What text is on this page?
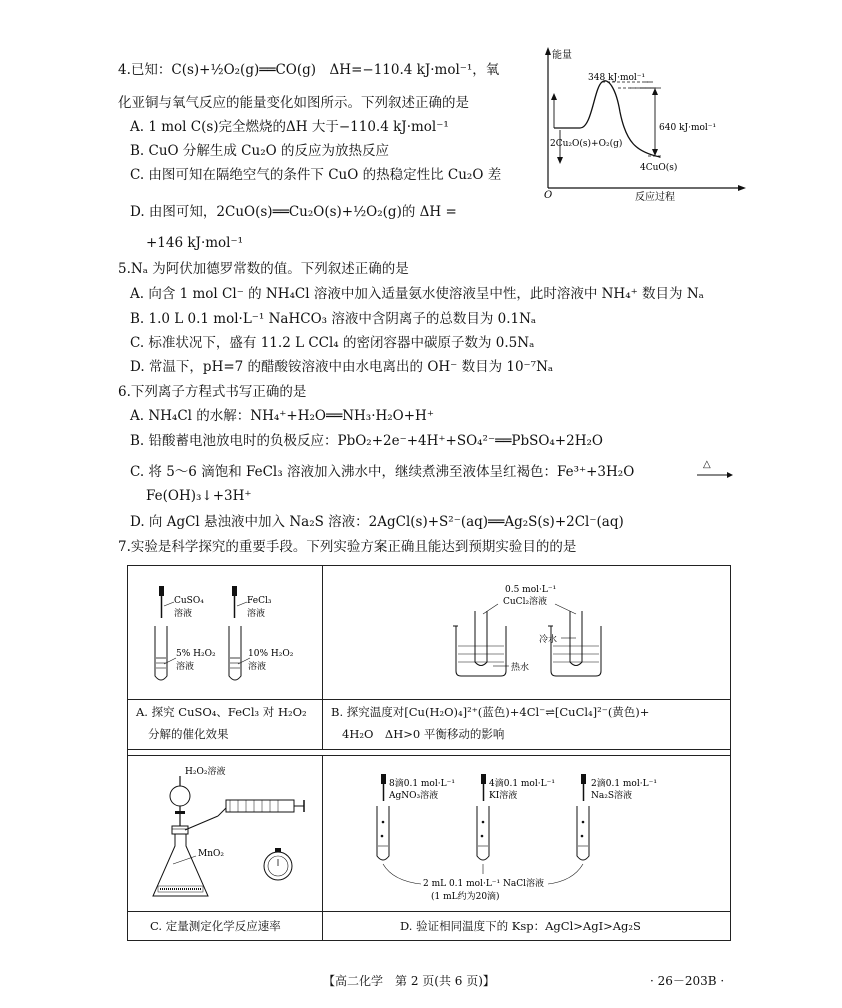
4.已知：C(s)+½O₂(g)══CO(g)　ΔH=−110.4 kJ·mol⁻¹，氧
化亚铜与氧气反应的能量变化如图所示。下列叙述正确的是
A. 1 mol C(s)完全燃烧的ΔH 大于−110.4 kJ·mol⁻¹
B. CuO 分解生成 Cu₂O 的反应为放热反应
C. 由图可知在隔绝空气的条件下 CuO 的热稳定性比 Cu₂O 差
D. 由图可知，2CuO(s)══Cu₂O(s)+½O₂(g)的 ΔH =
+146 kJ·mol⁻¹
能量
O	反应过程
348 kJ·mol⁻¹
640 kJ·mol⁻¹
2Cu₂O(s)+O₂(g)
4CuO(s)
5.Nₐ 为阿伏加德罗常数的值。下列叙述正确的是
A. 向含 1 mol Cl⁻ 的 NH₄Cl 溶液中加入适量氨水使溶液呈中性，此时溶液中 NH₄⁺ 数目为 Nₐ
B. 1.0 L 0.1 mol·L⁻¹ NaHCO₃ 溶液中含阴离子的总数目为 0.1Nₐ
C. 标准状况下，盛有 11.2 L CCl₄ 的密闭容器中碳原子数为 0.5Nₐ
D. 常温下，pH=7 的醋酸铵溶液中由水电离出的 OH⁻ 数目为 10⁻⁷Nₐ
6.下列离子方程式书写正确的是
A. NH₄Cl 的水解：NH₄⁺+H₂O══NH₃·H₂O+H⁺
B. 铅酸蓄电池放电时的负极反应：PbO₂+2e⁻+4H⁺+SO₄²⁻══PbSO₄+2H₂O
C. 将 5～6 滴饱和 FeCl₃ 溶液加入沸水中，继续煮沸至液体呈红褐色：Fe³⁺+3H₂O	△
Fe(OH)₃↓+3H⁺
D. 向 AgCl 悬浊液中加入 Na₂S 溶液：2AgCl(s)+S²⁻(aq)══Ag₂S(s)+2Cl⁻(aq)
7.实验是科学探究的重要手段。下列实验方案正确且能达到预期实验目的的是
CuSO₄
溶液
FeCl₃
溶液
5% H₂O₂
溶液
10% H₂O₂
溶液
A. 探究 CuSO₄、FeCl₃ 对 H₂O₂
分解的催化效果
0.5 mol·L⁻¹
CuCl₂溶液
冷水
热水
B. 探究温度对[Cu(H₂O)₄]²⁺(蓝色)+4Cl⁻⇌[CuCl₄]²⁻(黄色)+
4H₂O　ΔH>0 平衡移动的影响
H₂O₂溶液
MnO₂
C. 定量测定化学反应速率
8滴0.1 mol·L⁻¹
AgNO₃溶液
4滴0.1 mol·L⁻¹
KI溶液
2滴0.1 mol·L⁻¹
Na₂S溶液
2 mL 0.1 mol·L⁻¹ NaCl溶液
(1 mL约为20滴)
D. 验证相同温度下的 Ksp：AgCl>AgI>Ag₂S
【高二化学　第 2 页(共 6 页)】	· 26－203B ·
